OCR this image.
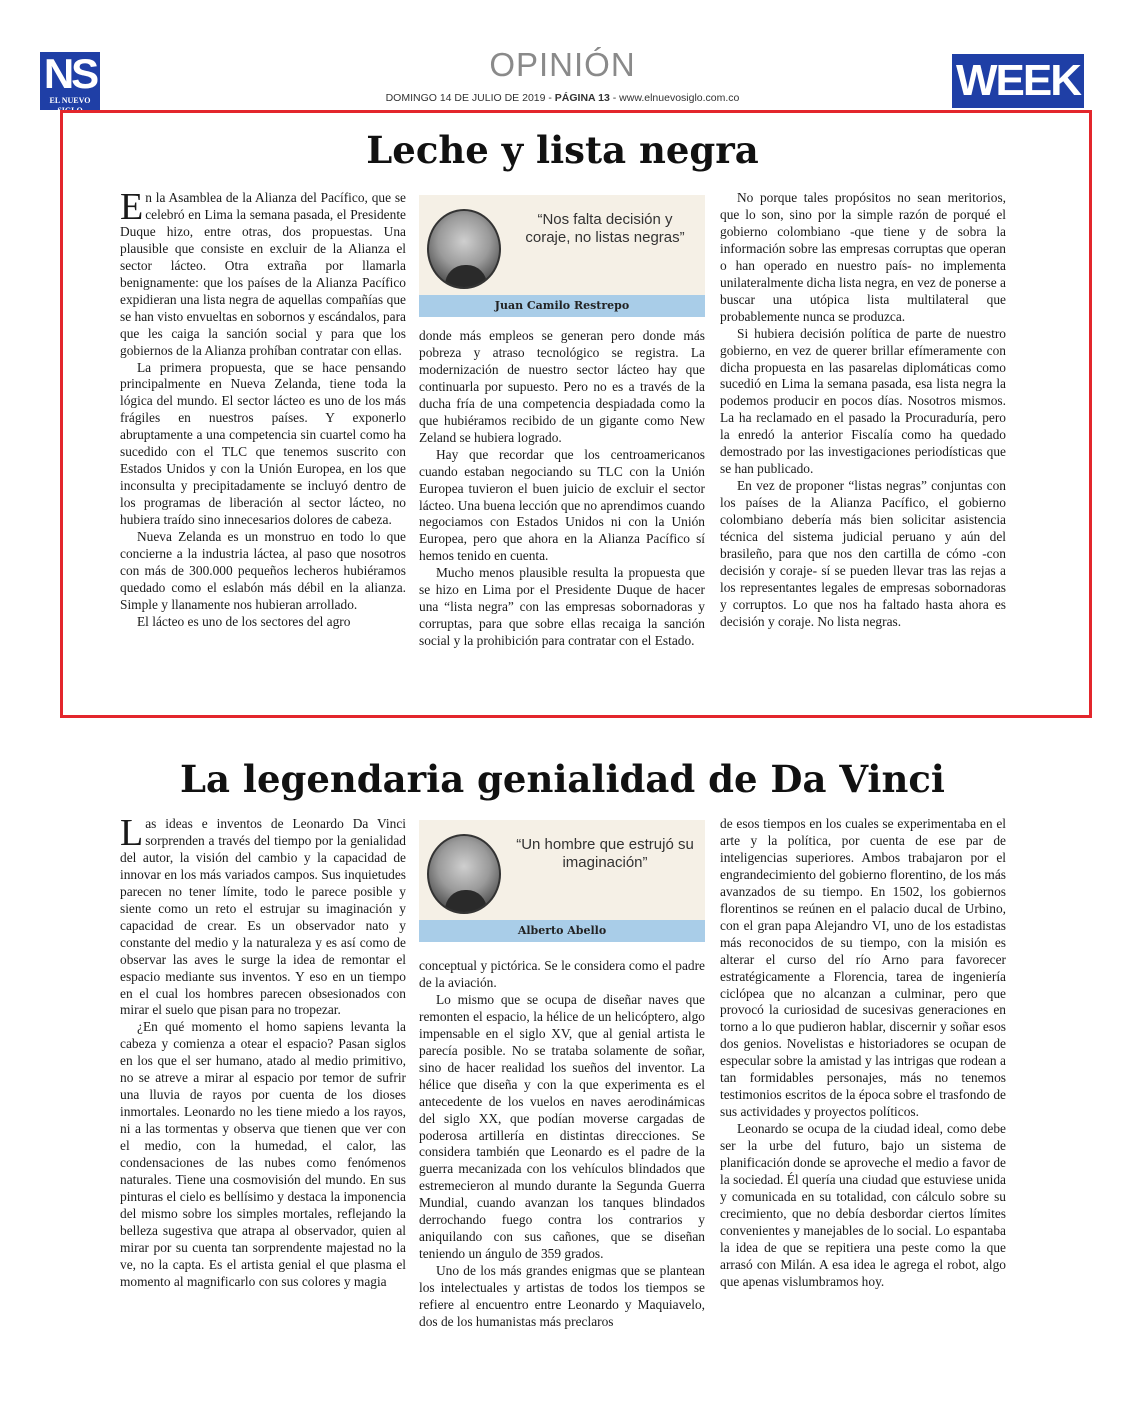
NS
EL NUEVO SIGLO
OPINIÓN
DOMINGO 14 DE JULIO DE 2019 - PÁGINA 13 - www.elnuevosiglo.com.co	WEEK
Leche y lista negra

En la Asamblea de la Alianza del Pacífico, que se celebró en Lima la semana pasada, el Presidente Duque hizo, entre otras, dos propuestas. Una plausible que consiste en excluir de la Alianza el sector lácteo. Otra extraña por llamarla benignamente: que los países de la Alianza Pacífico expidieran una lista negra de aquellas compañías que se han visto envueltas en sobornos y escándalos, para que les caiga la sanción social y para que los gobiernos de la Alianza prohíban contratar con ellas.

La primera propuesta, que se hace pensando principalmente en Nueva Zelanda, tiene toda la lógica del mundo. El sector lácteo es uno de los más frágiles en nuestros países. Y exponerlo abruptamente a una competencia sin cuartel como ha sucedido con el TLC que tenemos suscrito con Estados Unidos y con la Unión Europea, en los que inconsulta y precipitadamente se incluyó dentro de los programas de liberación al sector lácteo, no hubiera traído sino innecesarios dolores de cabeza.

Nueva Zelanda es un monstruo en todo lo que concierne a la industria láctea, al paso que nosotros con más de 300.000 pequeños lecheros hubiéramos quedado como el eslabón más débil en la alianza. Simple y llanamente nos hubieran arrollado.

El lácteo es uno de los sectores del agro

“Nos falta decisión y coraje, no listas negras”
Juan Camilo Restrepo

donde más empleos se generan pero donde más pobreza y atraso tecnológico se registra. La modernización de nuestro sector lácteo hay que continuarla por supuesto. Pero no es a través de la ducha fría de una competencia despiadada como la que hubiéramos recibido de un gigante como New Zeland se hubiera logrado.

Hay que recordar que los centroamericanos cuando estaban negociando su TLC con la Unión Europea tuvieron el buen juicio de excluir el sector lácteo. Una buena lección que no aprendimos cuando negociamos con Estados Unidos ni con la Unión Europea, pero que ahora en la Alianza Pacífico sí hemos tenido en cuenta.

Mucho menos plausible resulta la propuesta que se hizo en Lima por el Presidente Duque de hacer una “lista negra” con las empresas sobornadoras y corruptas, para que sobre ellas recaiga la sanción social y la prohibición para contratar con el Estado.

No porque tales propósitos no sean meritorios, que lo son, sino por la simple razón de porqué el gobierno colombiano -que tiene y de sobra la información sobre las empresas corruptas que operan o han operado en nuestro país- no implementa unilateralmente dicha lista negra, en vez de ponerse a buscar una utópica lista multilateral que probablemente nunca se produzca.

Si hubiera decisión política de parte de nuestro gobierno, en vez de querer brillar efímeramente con dicha propuesta en las pasarelas diplomáticas como sucedió en Lima la semana pasada, esa lista negra la podemos producir en pocos días. Nosotros mismos. La ha reclamado en el pasado la Procuraduría, pero la enredó la anterior Fiscalía como ha quedado demostrado por las investigaciones periodísticas que se han publicado.

En vez de proponer “listas negras” conjuntas con los países de la Alianza Pacífico, el gobierno colombiano debería más bien solicitar asistencia técnica del sistema judicial peruano y aún del brasileño, para que nos den cartilla de cómo -con decisión y coraje- sí se pueden llevar tras las rejas a los representantes legales de empresas sobornadoras y corruptos. Lo que nos ha faltado hasta ahora es decisión y coraje. No lista negras.

La legendaria genialidad de Da Vinci

Las ideas e inventos de Leonardo Da Vinci sorprenden a través del tiempo por la genialidad del autor, la visión del cambio y la capacidad de innovar en los más variados campos. Sus inquietudes parecen no tener límite, todo le parece posible y siente como un reto el estrujar su imaginación y capacidad de crear. Es un observador nato y constante del medio y la naturaleza y es así como de observar las aves le surge la idea de remontar el espacio mediante sus inventos. Y eso en un tiempo en el cual los hombres parecen obsesionados con mirar el suelo que pisan para no tropezar.

¿En qué momento el homo sapiens levanta la cabeza y comienza a otear el espacio? Pasan siglos en los que el ser humano, atado al medio primitivo, no se atreve a mirar al espacio por temor de sufrir una lluvia de rayos por cuenta de los dioses inmortales. Leonardo no les tiene miedo a los rayos, ni a las tormentas y observa que tienen que ver con el medio, con la humedad, el calor, las condensaciones de las nubes como fenómenos naturales. Tiene una cosmovisión del mundo. En sus pinturas el cielo es bellísimo y destaca la imponencia del mismo sobre los simples mortales, reflejando la belleza sugestiva que atrapa al observador, quien al mirar por su cuenta tan sorprendente majestad no la ve, no la capta. Es el artista genial el que plasma el momento al magnificarlo con sus colores y magia

“Un hombre que estrujó su imaginación”
Alberto Abello

conceptual y pictórica. Se le considera como el padre de la aviación.

Lo mismo que se ocupa de diseñar naves que remonten el espacio, la hélice de un helicóptero, algo impensable en el siglo XV, que al genial artista le parecía posible. No se trataba solamente de soñar, sino de hacer realidad los sueños del inventor. La hélice que diseña y con la que experimenta es el antecedente de los vuelos en naves aerodinámicas del siglo XX, que podían moverse cargadas de poderosa artillería en distintas direcciones. Se considera también que Leonardo es el padre de la guerra mecanizada con los vehículos blindados que estremecieron al mundo durante la Segunda Guerra Mundial, cuando avanzan los tanques blindados derrochando fuego contra los contrarios y aniquilando con sus cañones, que se diseñan teniendo un ángulo de 359 grados.

Uno de los más grandes enigmas que se plantean los intelectuales y artistas de todos los tiempos se refiere al encuentro entre Leonardo y Maquiavelo, dos de los humanistas más preclaros

de esos tiempos en los cuales se experimentaba en el arte y la política, por cuenta de ese par de inteligencias superiores. Ambos trabajaron por el engrandecimiento del gobierno florentino, de los más avanzados de su tiempo. En 1502, los gobiernos florentinos se reúnen en el palacio ducal de Urbino, con el gran papa Alejandro VI, uno de los estadistas más reconocidos de su tiempo, con la misión es alterar el curso del río Arno para favorecer estratégicamente a Florencia, tarea de ingeniería ciclópea que no alcanzan a culminar, pero que provocó la curiosidad de sucesivas generaciones en torno a lo que pudieron hablar, discernir y soñar esos dos genios. Novelistas e historiadores se ocupan de especular sobre la amistad y las intrigas que rodean a tan formidables personajes, más no tenemos testimonios escritos de la época sobre el trasfondo de sus actividades y proyectos políticos.

Leonardo se ocupa de la ciudad ideal, como debe ser la urbe del futuro, bajo un sistema de planificación donde se aproveche el medio a favor de la sociedad. Él quería una ciudad que estuviese unida y comunicada en su totalidad, con cálculo sobre su crecimiento, que no debía desbordar ciertos límites convenientes y manejables de lo social. Lo espantaba la idea de que se repitiera una peste como la que arrasó con Milán. A esa idea le agrega el robot, algo que apenas vislumbramos hoy.
